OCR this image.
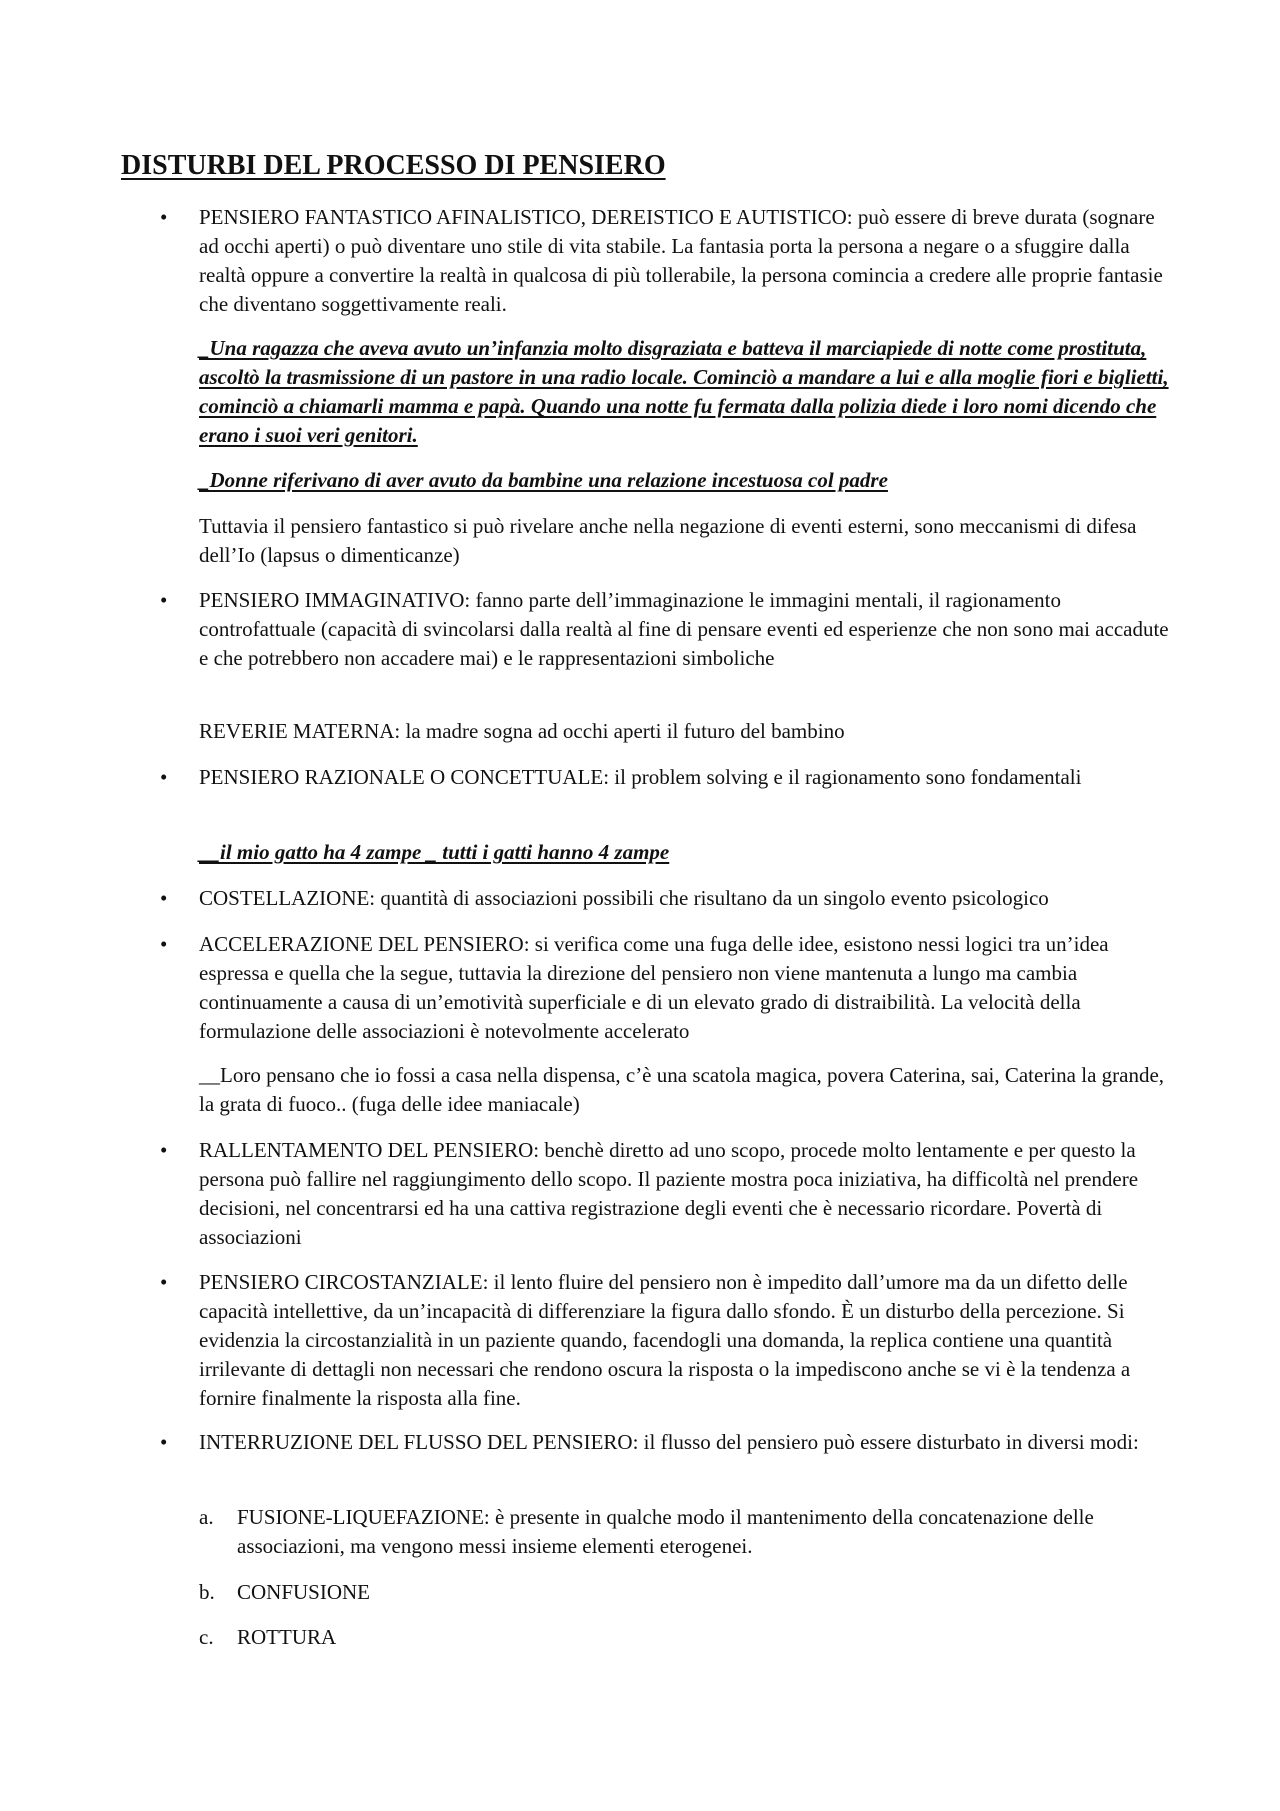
DISTURBI DEL PROCESSO DI PENSIERO
• PENSIERO FANTASTICO AFINALISTICO, DEREISTICO E AUTISTICO: può essere di breve durata (sognare ad occhi aperti) o può diventare uno stile di vita stabile. La fantasia porta la persona a negare o a sfuggire dalla realtà oppure a convertire la realtà in qualcosa di più tollerabile, la persona comincia a credere alle proprie fantasie che diventano soggettivamente reali.
_Una ragazza che aveva avuto un’infanzia molto disgraziata e batteva il marciapiede di notte come prostituta, ascoltò la trasmissione di un pastore in una radio locale. Cominciò a mandare a lui e alla moglie fiori e biglietti, cominciò a chiamarli mamma e papà. Quando una notte fu fermata dalla polizia diede i loro nomi dicendo che erano i suoi veri genitori.
_Donne riferivano di aver avuto da bambine una relazione incestuosa col padre
Tuttavia il pensiero fantastico si può rivelare anche nella negazione di eventi esterni, sono meccanismi di difesa dell’Io (lapsus o dimenticanze)
• PENSIERO IMMAGINATIVO: fanno parte dell’immaginazione le immagini mentali, il ragionamento controfattuale (capacità di svincolarsi dalla realtà al fine di pensare eventi ed esperienze che non sono mai accadute e che potrebbero non accadere mai) e le rappresentazioni simboliche
REVERIE MATERNA: la madre sogna ad occhi aperti il futuro del bambino
• PENSIERO RAZIONALE O CONCETTUALE: il problem solving e il ragionamento sono fondamentali
__il mio gatto ha 4 zampe _ tutti i gatti hanno 4 zampe
• COSTELLAZIONE: quantità di associazioni possibili che risultano da un singolo evento psicologico
• ACCELERAZIONE DEL PENSIERO: si verifica come una fuga delle idee, esistono nessi logici tra un’idea espressa e quella che la segue, tuttavia la direzione del pensiero non viene mantenuta a lungo ma cambia continuamente a causa di un’emotività superficiale e di un elevato grado di distraibilità. La velocità della formulazione delle associazioni è notevolmente accelerato
__Loro pensano che io fossi a casa nella dispensa, c’è una scatola magica, povera Caterina, sai, Caterina la grande, la grata di fuoco.. (fuga delle idee maniacale)
• RALLENTAMENTO DEL PENSIERO: benchè diretto ad uno scopo, procede molto lentamente e per questo la persona può fallire nel raggiungimento dello scopo. Il paziente mostra poca iniziativa, ha difficoltà nel prendere decisioni, nel concentrarsi ed ha una cattiva registrazione degli eventi che è necessario ricordare. Povertà di associazioni
• PENSIERO CIRCOSTANZIALE: il lento fluire del pensiero non è impedito dall’umore ma da un difetto delle capacità intellettive, da un’incapacità di differenziare la figura dallo sfondo. È un disturbo della percezione. Si evidenzia la circostanzialità in un paziente quando, facendogli una domanda, la replica contiene una quantità irrilevante di dettagli non necessari che rendono oscura la risposta o la impediscono anche se vi è la tendenza a fornire finalmente la risposta alla fine.
• INTERRUZIONE DEL FLUSSO DEL PENSIERO: il flusso del pensiero può essere disturbato in diversi modi:
a. FUSIONE-LIQUEFAZIONE: è presente in qualche modo il mantenimento della concatenazione delle associazioni, ma vengono messi insieme elementi eterogenei.
b. CONFUSIONE
c. ROTTURA
